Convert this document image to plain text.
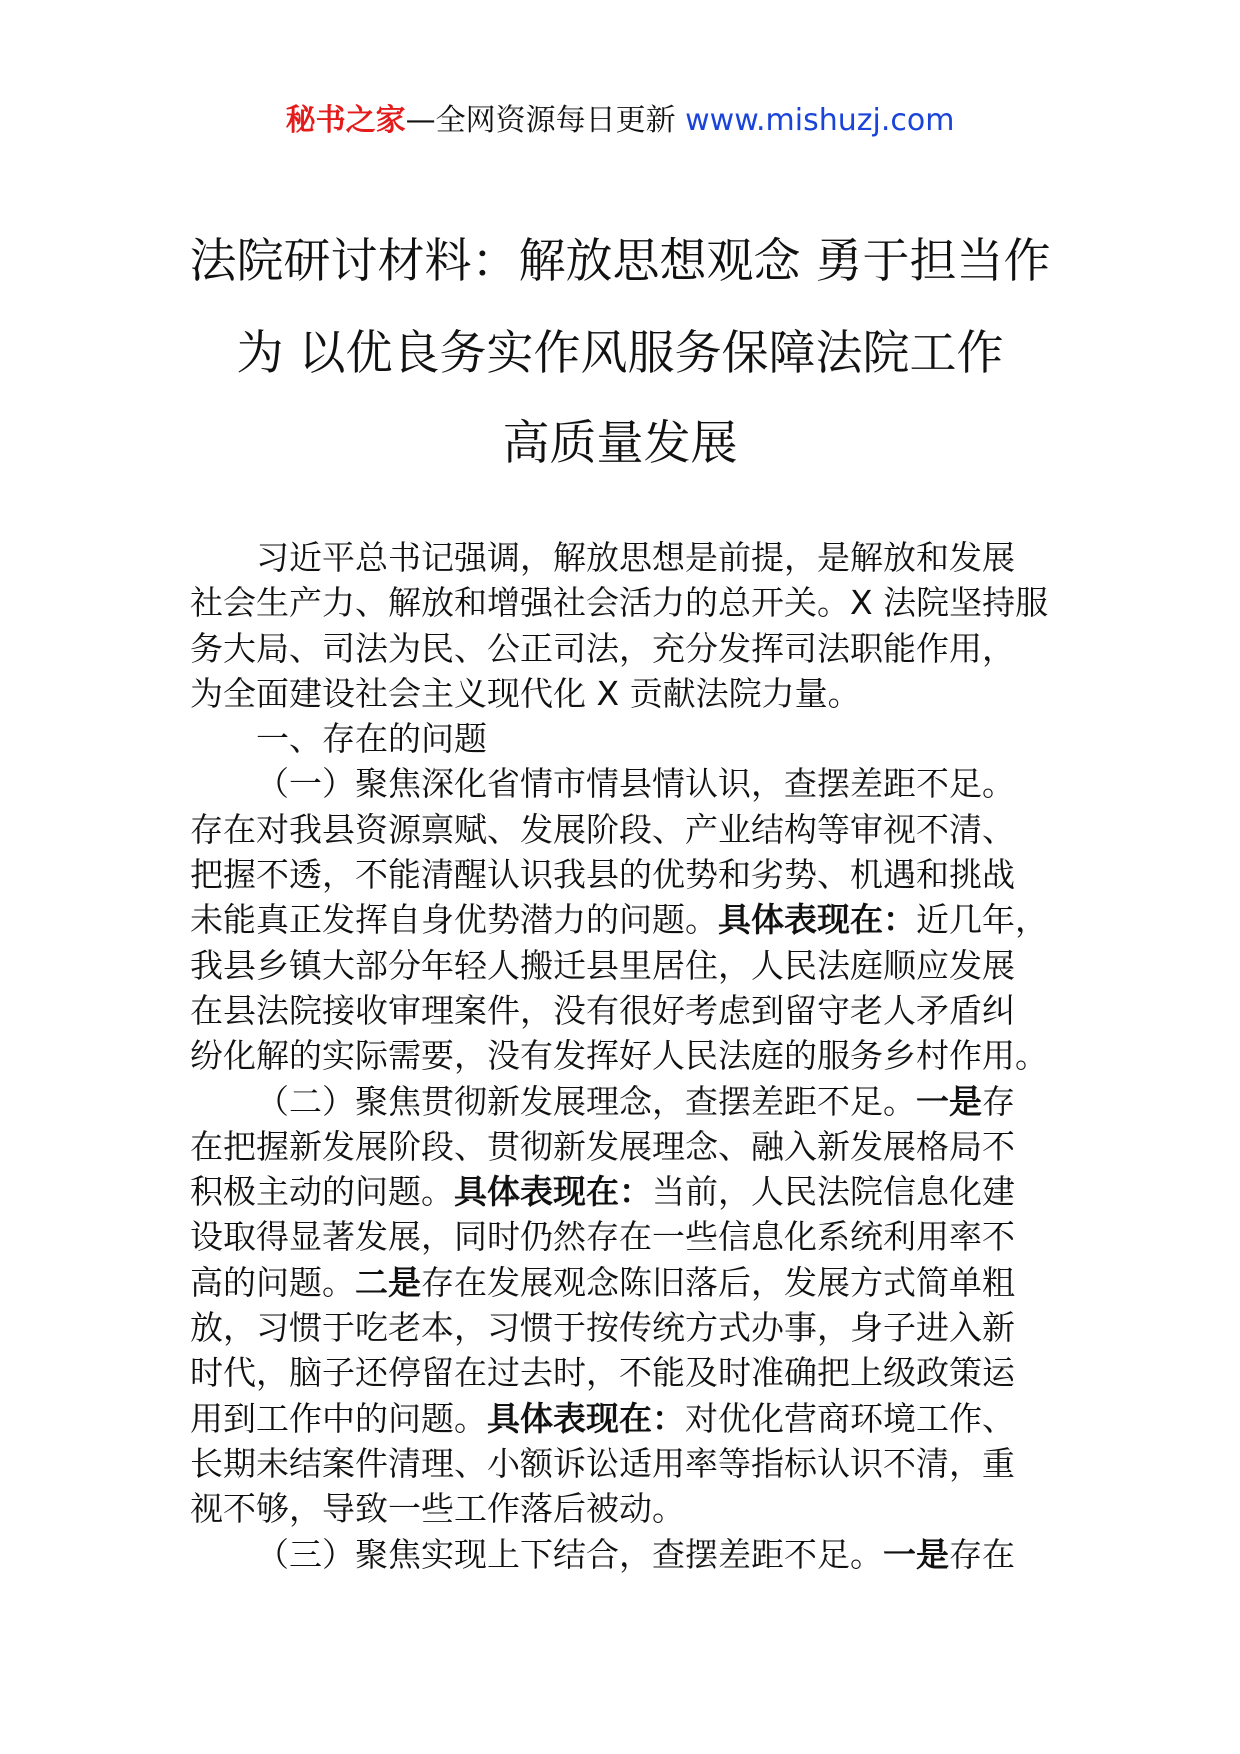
秘书之家—全网资源每日更新 www.mishuzj.com
法院研讨材料：解放思想观念 勇于担当作
为 以优良务实作风服务保障法院工作
高质量发展
习近平总书记强调，解放思想是前提，是解放和发展
社会生产力、解放和增强社会活力的总开关。X 法院坚持服
务大局、司法为民、公正司法，充分发挥司法职能作用，
为全面建设社会主义现代化 X 贡献法院力量。
一、存在的问题
（一）聚焦深化省情市情县情认识，查摆差距不足。
存在对我县资源禀赋、发展阶段、产业结构等审视不清、
把握不透，不能清醒认识我县的优势和劣势、机遇和挑战
未能真正发挥自身优势潜力的问题。具体表现在：近几年，
我县乡镇大部分年轻人搬迁县里居住，人民法庭顺应发展
在县法院接收审理案件，没有很好考虑到留守老人矛盾纠
纷化解的实际需要，没有发挥好人民法庭的服务乡村作用。
（二）聚焦贯彻新发展理念，查摆差距不足。一是存
在把握新发展阶段、贯彻新发展理念、融入新发展格局不
积极主动的问题。具体表现在：当前，人民法院信息化建
设取得显著发展，同时仍然存在一些信息化系统利用率不
高的问题。二是存在发展观念陈旧落后，发展方式简单粗
放，习惯于吃老本，习惯于按传统方式办事，身子进入新
时代，脑子还停留在过去时，不能及时准确把上级政策运
用到工作中的问题。具体表现在：对优化营商环境工作、
长期未结案件清理、小额诉讼适用率等指标认识不清，重
视不够，导致一些工作落后被动。
（三）聚焦实现上下结合，查摆差距不足。一是存在
